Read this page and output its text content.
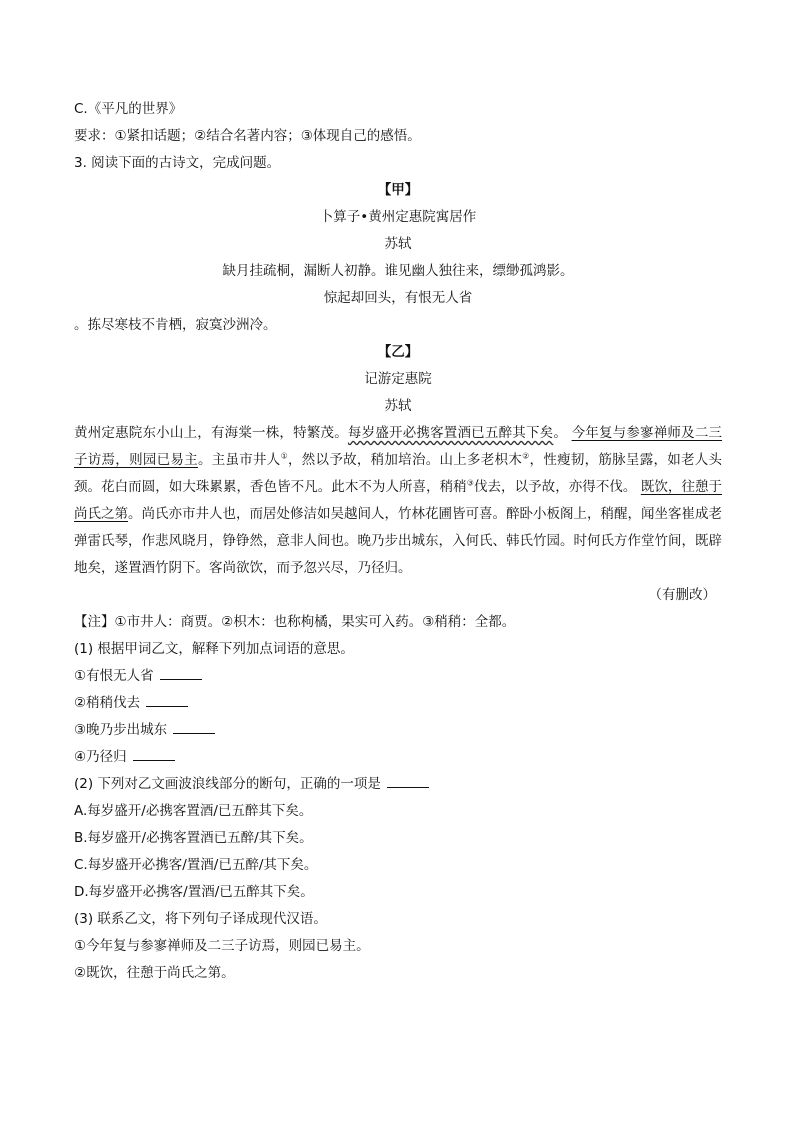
C.《平凡的世界》
要求：①紧扣话题；②结合名著内容；③体现自己的感悟。
3. 阅读下面的古诗文，完成问题。
【甲】
卜算子•黄州定惠院寓居作
苏轼
缺月挂疏桐，漏断人初静。谁见幽人独往来，缥缈孤鸿影。
惊起却回头，有恨无人省
。拣尽寒枝不肯栖，寂寞沙洲冷。
【乙】
记游定惠院
苏轼
黄州定惠院东小山上，有海棠一株，特繁茂。每岁盛开必携客置酒已五醉其下矣。 今年复与参寥禅师及二三子访焉，则园已易主。主虽市井人①，然以予故，稍加培治。山上多老枳木②，性瘦韧，筋脉呈露，如老人头颈。花白而圆，如大珠累累，香色皆不凡。此木不为人所喜，稍稍③伐去，以予故，亦得不伐。 既饮，往憩于尚氏之第。尚氏亦市井人也，而居处修洁如吴越间人，竹林花圃皆可喜。醉卧小板阁上，稍醒，闻坐客崔成老弹雷氏琴，作悲风晓月，铮铮然，意非人间也。晚乃步出城东，入何氏、韩氏竹园。时何氏方作堂竹间，既辟地矣，遂置酒竹阴下。客尚欲饮，而予忽兴尽，乃径归。
（有删改）
【注】①市井人：商贾。②枳木：也称枸橘，果实可入药。③稍稍：全都。
(1) 根据甲词乙文，解释下列加点词语的意思。
①有恨无人省
②稍稍伐去
③晚乃步出城东
④乃径归
(2) 下列对乙文画波浪线部分的断句，正确的一项是
A.每岁盛开/必携客置酒/已五醉其下矣。
B.每岁盛开/必携客置酒已五醉/其下矣。
C.每岁盛开必携客/置酒/已五醉/其下矣。
D.每岁盛开必携客/置酒/已五醉其下矣。
(3) 联系乙文，将下列句子译成现代汉语。
①今年复与参寥禅师及二三子访焉，则园已易主。
②既饮，往憩于尚氏之第。
